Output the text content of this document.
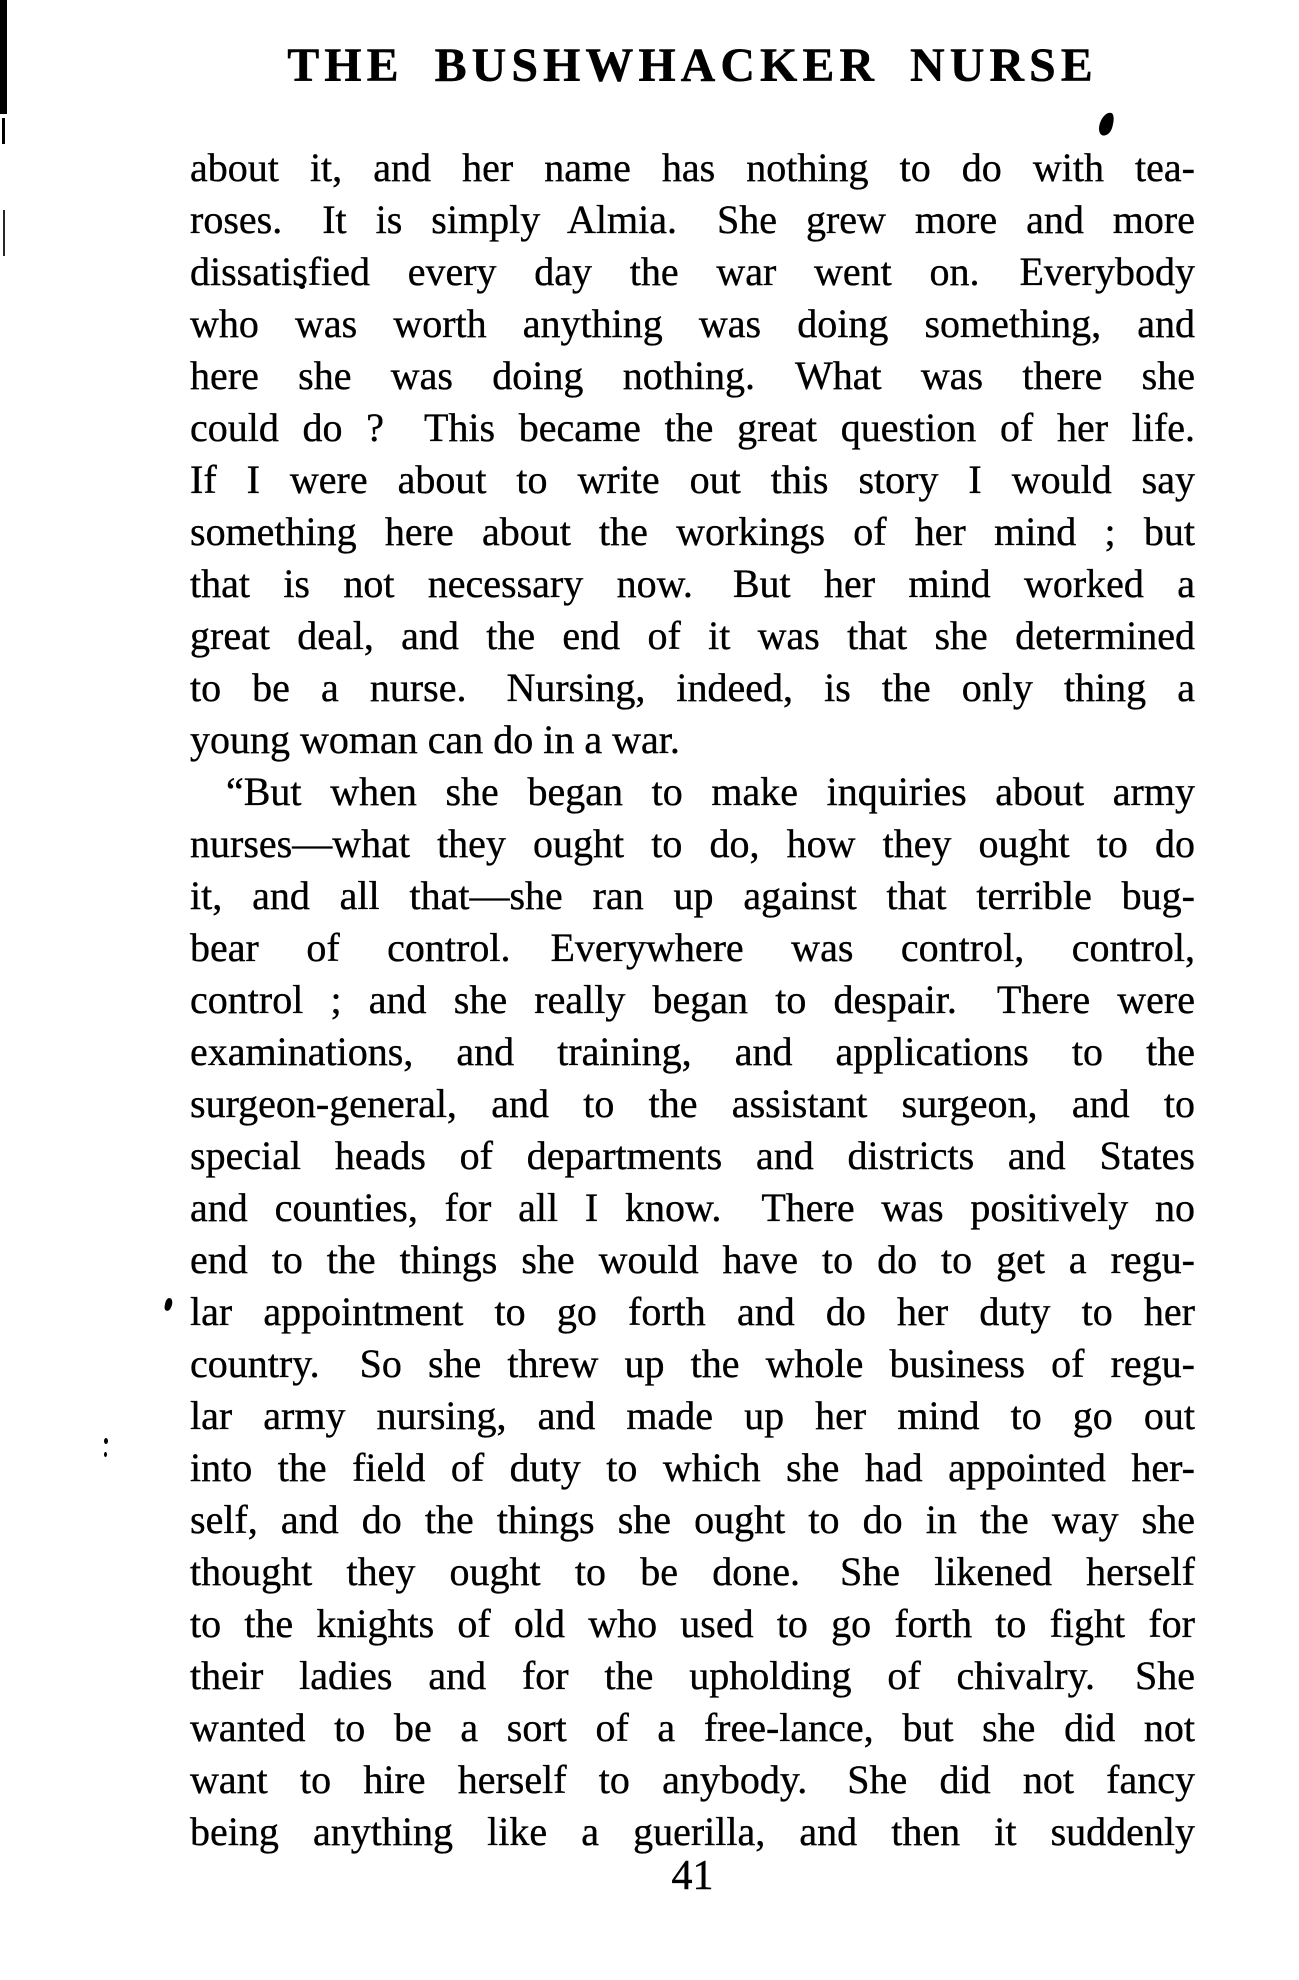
THE BUSHWHACKER NURSE
about it, and her name has nothing to do with tea-
roses. It is simply Almia. She grew more and more
dissatisfied every day the war went on. Everybody
who was worth anything was doing something, and
here she was doing nothing. What was there she
could do ? This became the great question of her life.
If I were about to write out this story I would say
something here about the workings of her mind ; but
that is not necessary now. But her mind worked a
great deal, and the end of it was that she determined
to be a nurse. Nursing, indeed, is the only thing a
young woman can do in a war.
“But when she began to make inquiries about army
nurses—what they ought to do, how they ought to do
it, and all that—she ran up against that terrible bug-
bear of control. Everywhere was control, control,
control ; and she really began to despair. There were
examinations, and training, and applications to the
surgeon-general, and to the assistant surgeon, and to
special heads of departments and districts and States
and counties, for all I know. There was positively no
end to the things she would have to do to get a regu-
lar appointment to go forth and do her duty to her
country. So she threw up the whole business of regu-
lar army nursing, and made up her mind to go out
into the field of duty to which she had appointed her-
self, and do the things she ought to do in the way she
thought they ought to be done. She likened herself
to the knights of old who used to go forth to fight for
their ladies and for the upholding of chivalry. She
wanted to be a sort of a free-lance, but she did not
want to hire herself to anybody. She did not fancy
being anything like a guerilla, and then it suddenly
41
